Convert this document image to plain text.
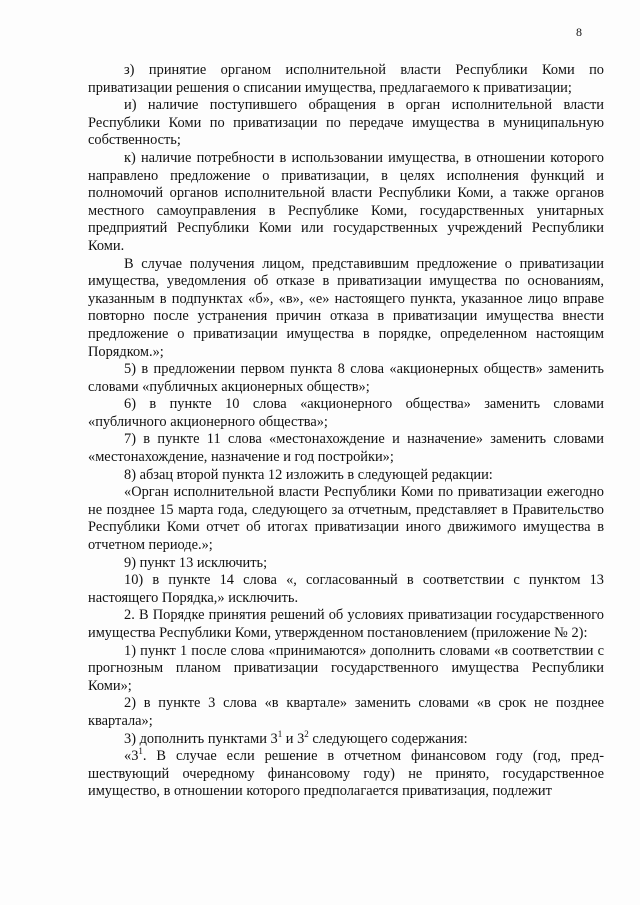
8

з) принятие органом исполнительной власти Республики Коми по приватизации решения о списании имущества, предлагаемого к приватизации;

и) наличие поступившего обращения в орган исполнительной власти Республики Коми по приватизации по передаче имущества в муниципальную собственность;

к) наличие потребности в использовании имущества, в отношении которого направлено предложение о приватизации, в целях исполнения функций и полномочий органов исполнительной власти Республики Коми, а также органов местного самоуправления в Республике Коми, государственных унитарных предприятий Республики Коми или государственных учреждений Республики Коми.

В случае получения лицом, представившим предложение о приватизации имущества, уведомления об отказе в приватизации имущества по основаниям, указанным в подпунктах «б», «в», «е» настоящего пункта, указанное лицо вправе повторно после устранения причин отказа в приватизации имущества внести предложение о приватизации имущества в порядке, определенном настоящим Порядком.»;

5) в предложении первом пункта 8 слова «акционерных обществ» заменить словами «публичных акционерных обществ»;

6) в пункте 10 слова «акционерного общества» заменить словами «публичного акционерного общества»;

7) в пункте 11 слова «местонахождение и назначение» заменить словами «местонахождение, назначение и год постройки»;

8) абзац второй пункта 12 изложить в следующей редакции:

«Орган исполнительной власти Республики Коми по приватизации ежегодно не позднее 15 марта года, следующего за отчетным, представляет в Правительство Республики Коми отчет об итогах приватизации иного движимого имущества в отчетном периоде.»;

9) пункт 13 исключить;

10) в пункте 14 слова «, согласованный в соответствии с пунктом 13 настоящего Порядка,» исключить.

2. В Порядке принятия решений об условиях приватизации государственного имущества Республики Коми, утвержденном постановлением (приложение № 2):

1) пункт 1 после слова «принимаются» дополнить словами «в соответствии с прогнозным планом приватизации государственного имущества Республики Коми»;

2) в пункте 3 слова «в квартале» заменить словами «в срок не позднее квартала»;

3) дополнить пунктами $3^1$ и $3^2$ следующего содержания:

«$3^1$. В случае если решение в отчетном финансовом году (год, предшествующий очередному финансовому году) не принято, государственное имущество, в отношении которого предполагается приватизация, подлежит
